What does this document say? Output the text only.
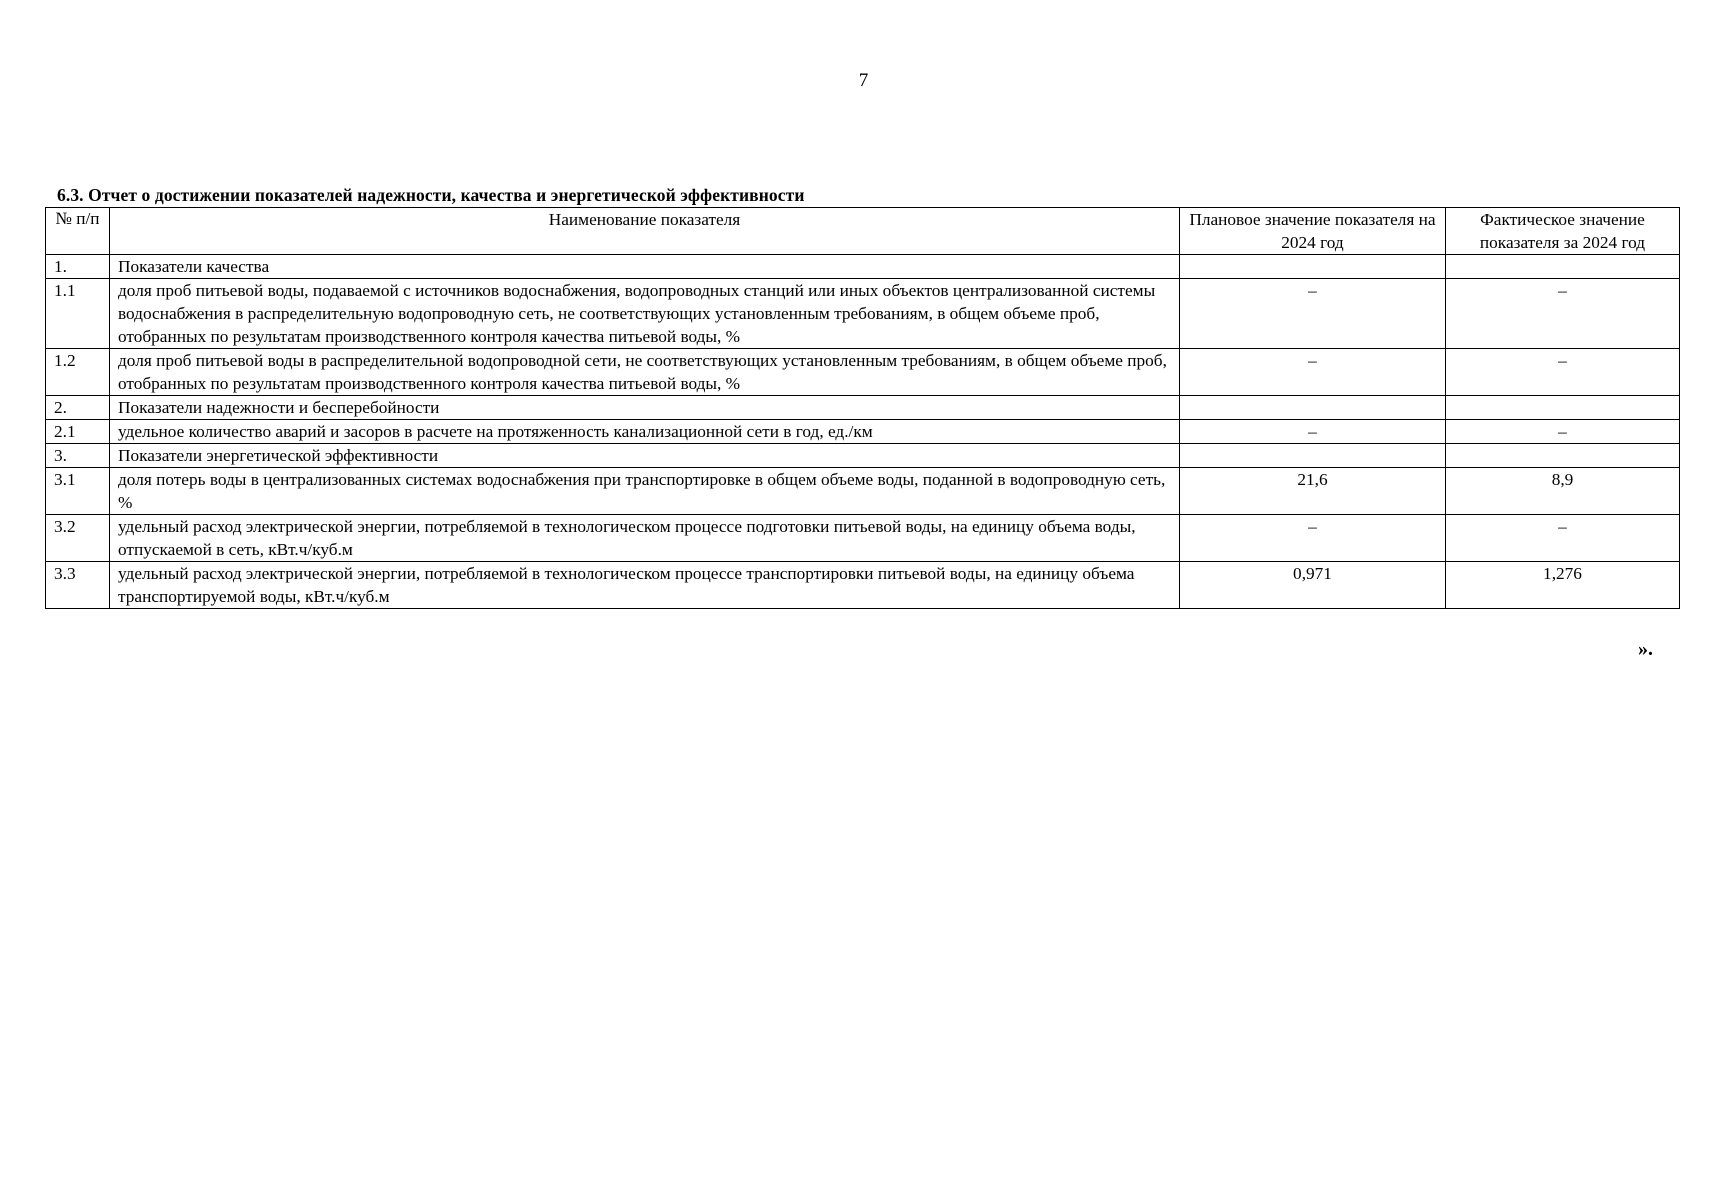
7
6.3. Отчет о достижении показателей надежности, качества и энергетической эффективности
№ п/п	Наименование показателя	Плановое значение показателя на 2024 год	Фактическое значение показателя за 2024 год
1.	Показатели качества		
1.1	доля проб питьевой воды, подаваемой с источников водоснабжения, водопроводных станций или иных объектов централизованной системы водоснабжения в распределительную водопроводную сеть, не соответствующих установленным требованиям, в общем объеме проб, отобранных по результатам производственного контроля качества питьевой воды, %	–	–
1.2	доля проб питьевой воды в распределительной водопроводной сети, не соответствующих установленным требованиям, в общем объеме проб, отобранных по результатам производственного контроля качества питьевой воды, %	–	–
2.	Показатели надежности и бесперебойности		
2.1	удельное количество аварий и засоров в расчете на протяженность канализационной сети в год, ед./км	–	–
3.	Показатели энергетической эффективности		
3.1	доля потерь воды в централизованных системах водоснабжения при транспортировке в общем объеме воды, поданной в водопроводную сеть, %	21,6	8,9
3.2	удельный расход электрической энергии, потребляемой в технологическом процессе подготовки питьевой воды, на единицу объема воды, отпускаемой в сеть, кВт.ч/куб.м	–	–
3.3	удельный расход электрической энергии, потребляемой в технологическом процессе транспортировки питьевой воды, на единицу объема транспортируемой воды, кВт.ч/куб.м	0,971	1,276
».
